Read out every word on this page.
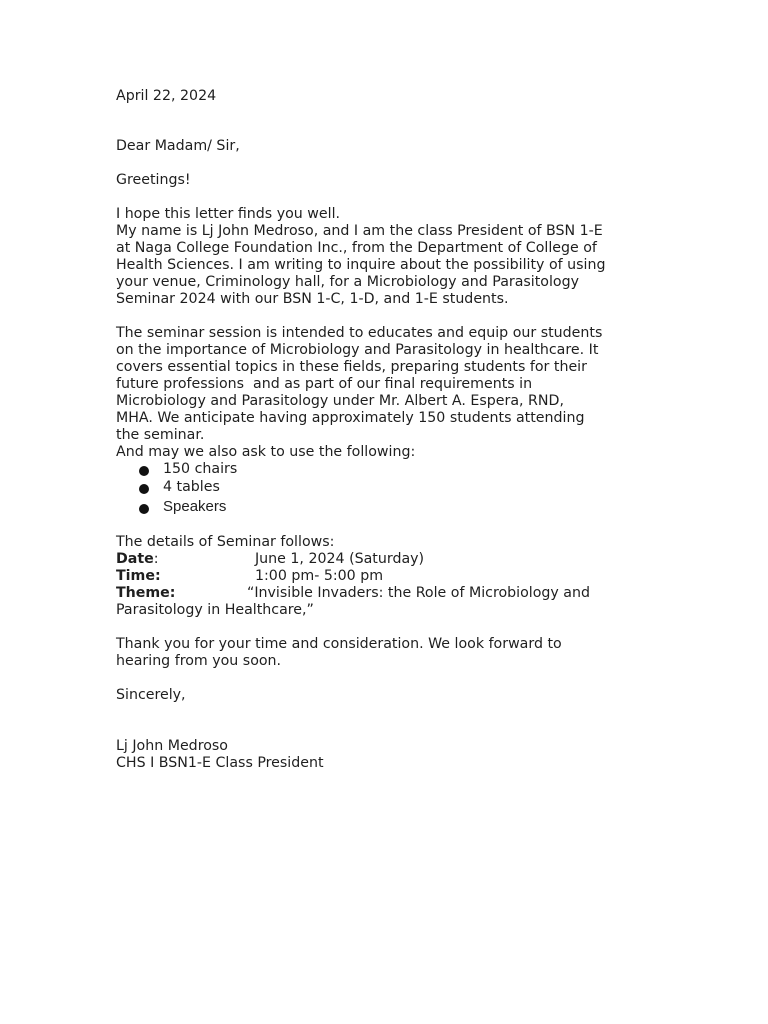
April 22, 2024
Dear Madam/ Sir,
Greetings!
I hope this letter finds you well.
My name is Lj John Medroso, and I am the class President of BSN 1-E
at Naga College Foundation Inc., from the Department of College of
Health Sciences. I am writing to inquire about the possibility of using
your venue, Criminology hall, for a Microbiology and Parasitology
Seminar 2024 with our BSN 1-C, 1-D, and 1-E students.
The seminar session is intended to educates and equip our students
on the importance of Microbiology and Parasitology in healthcare. It
covers essential topics in these fields, preparing students for their
future professions  and as part of our final requirements in
Microbiology and Parasitology under Mr. Albert A. Espera, RND,
MHA. We anticipate having approximately 150 students attending
the seminar.
And may we also ask to use the following:
150 chairs
4 tables
Speakers
The details of Seminar follows:
Date:	June 1, 2024 (Saturday)
Time:	1:00 pm- 5:00 pm
Theme:	“Invisible Invaders: the Role of Microbiology and
Parasitology in Healthcare,”
Thank you for your time and consideration. We look forward to
hearing from you soon.
Sincerely,
Lj John Medroso
CHS I BSN1-E Class President
